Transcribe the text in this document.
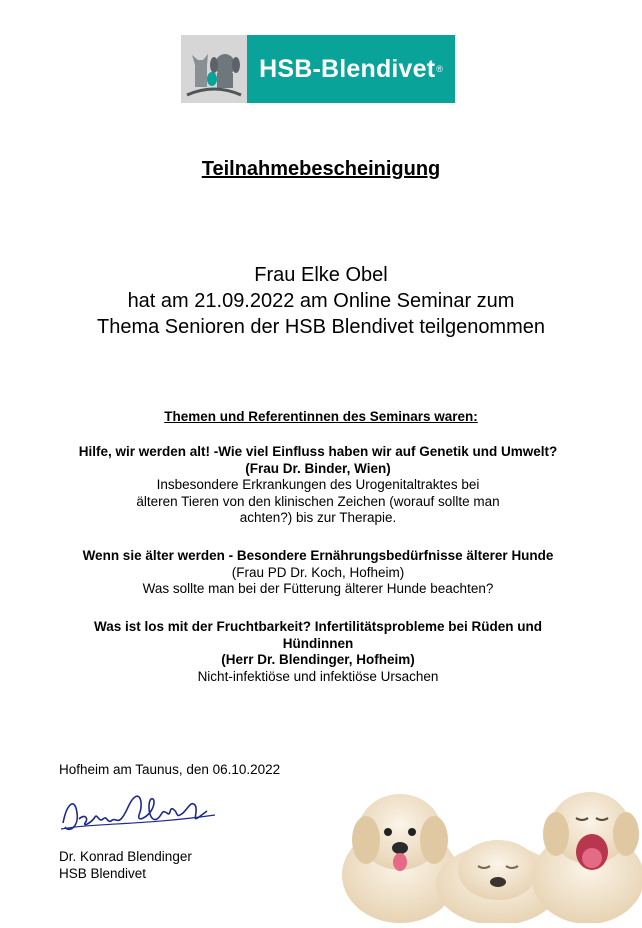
HSB-Blendivet ®
Teilnahmebescheinigung
Frau Elke Obel
hat am 21.09.2022 am Online Seminar zum
Thema Senioren der HSB Blendivet teilgenommen
Themen und Referentinnen des Seminars waren:
Hilfe, wir werden alt! -Wie viel Einfluss haben wir auf Genetik und Umwelt?
(Frau Dr. Binder, Wien)
Insbesondere Erkrankungen des Urogenitaltraktes bei
älteren Tieren von den klinischen Zeichen (worauf sollte man
achten?) bis zur Therapie.
Wenn sie älter werden - Besondere Ernährungsbedürfnisse älterer Hunde
(Frau PD Dr. Koch, Hofheim)
Was sollte man bei der Fütterung älterer Hunde beachten?
Was ist los mit der Fruchtbarkeit? Infertilitätsprobleme bei Rüden und
Hündinnen
(Herr Dr. Blendinger, Hofheim)
Nicht-infektiöse und infektiöse Ursachen
Hofheim am Taunus, den 06.10.2022
Dr. Konrad Blendinger
HSB Blendivet
